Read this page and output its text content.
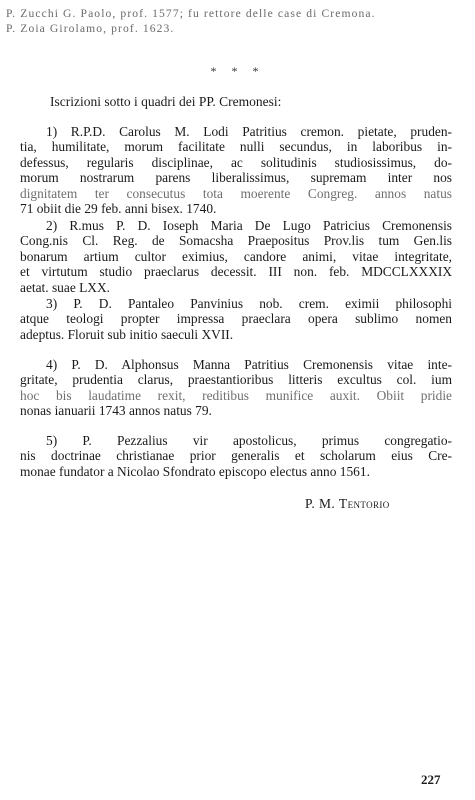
P. Zucchi G. Paolo, prof. 1577; fu rettore delle case di Cremona.
P. Zoia Girolamo, prof. 1623.
* * *
Iscrizioni sotto i quadri dei PP. Cremonesi:
1) R.P.D. Carolus M. Lodi Patritius cremon. pietate, pruden-
tia, humilitate, morum facilitate nulli secundus, in laboribus in-
defessus, regularis disciplinae, ac solitudinis studiosissimus, do-
morum nostrarum parens liberalissimus, supremam inter nos
dignitatem ter consecutus tota moerente Congreg. annos natus
71 obiit die 29 feb. anni bisex. 1740.
2) R.mus P. D. Ioseph Maria De Lugo Patricius Cremonensis
Cong.nis Cl. Reg. de Somacsha Praepositus Prov.lis tum Gen.lis
bonarum artium cultor eximius, candore animi, vitae integritate,
et virtutum studio praeclarus decessit. III non. feb. MDCCLXXXIX
aetat. suae LXX.
3) P. D. Pantaleo Panvinius nob. crem. eximii philosophi
atque teologi propter impressa praeclara opera sublimo nomen
adeptus. Floruit sub initio saeculi XVII.
4) P. D. Alphonsus Manna Patritius Cremonensis vitae inte-
gritate, prudentia clarus, praestantioribus litteris excultus col. ium
hoc bis laudatime rexit, reditibus munifice auxit. Obiit pridie
nonas ianuarii 1743 annos natus 79.
5) P. Pezzalius vir apostolicus, primus congregatio-
nis doctrinae christianae prior generalis et scholarum eius Cre-
monae fundator a Nicolao Sfondrato episcopo electus anno 1561.
P. M. Tentorio
227
